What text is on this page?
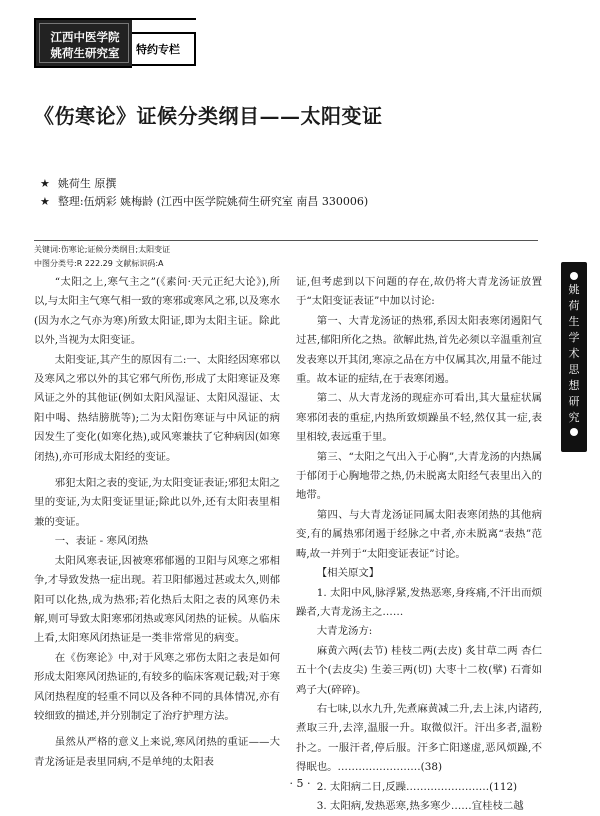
江西中医学院
姚荷生研究室	特约专栏
《伤寒论》证候分类纲目——太阳变证
★ 姚荷生 原撰
★ 整理:伍炳彩 姚梅龄 (江西中医学院姚荷生研究室 南昌 330006)
关键词:伤寒论;证候分类纲目;太阳变证
中图分类号:R 222.29 文献标识码:A

“太阳之上,寒气主之”(《素问·天元正纪大论》),所以,与太阳主气寒气相一致的寒邪或寒风之邪,以及寒水(因为水之气亦为寒)所致太阳证,即为太阳主证。除此以外,当视为太阳变证。

太阳变证,其产生的原因有二:一、太阳经因寒邪以及寒风之邪以外的其它邪气所伤,形成了太阳寒证及寒风证之外的其他证(例如太阳风湿证、太阳风湿证、太阳中喝、热结膀胱等);二为太阳伤寒证与中风证的病因发生了变化(如寒化热),或风寒兼扶了它种病因(如寒闭热),亦可形成太阳经的变证。

邪犯太阳之表的变证,为太阳变证表证;邪犯太阳之里的变证,为太阳变证里证;除此以外,还有太阳表里相兼的变证。

一、表证 - 寒风闭热

太阳风寒表证,因被寒邪郁遏的卫阳与风寒之邪相争,才导致发热一症出现。若卫阳郁遏过甚或太久,则郁阳可以化热,成为热邪;若化热后太阳之表的风寒仍未解,则可导致太阳寒邪闭热或寒风闭热的证候。从临床上看,太阳寒风闭热证是一类非常常见的病变。

在《伤寒论》中,对于风寒之邪伤太阳之表是如何形成太阳寒风闭热证的,有较多的临床客观记载;对于寒风闭热程度的轻重不同以及各种不同的具体情况,亦有较细致的描述,并分别制定了治疗护理方法。

虽然从严格的意义上来说,寒风闭热的重证——大青龙汤证是表里同病,不是单纯的太阳表

证,但考虑到以下问题的存在,故仍将大青龙汤证放置于“太阳变证表证”中加以讨论:

第一、大青龙汤证的热邪,系因太阳表寒闭遏阳气过甚,郁阳所化之热。欲解此热,首先必须以辛温重剂宣发表寒以开其闭,寒凉之品在方中仅属其次,用量不能过重。故本证的症结,在于表寒闭遏。

第二、从大青龙汤的现症亦可看出,其大量症状属寒邪闭表的重症,内热所致烦躁虽不轻,然仅其一症,表里相较,表远重于里。

第三、“太阳之气出入于心胸”,大青龙汤的内热属于郁闭于心胸地带之热,仍未脱离太阳经气表里出入的地带。

第四、与大青龙汤证同属太阳表寒闭热的其他病变,有的属热邪闭遏于经脉之中者,亦未脱离“表热”范畴,故一并列于“太阳变证表证”讨论。

【相关原文】

1. 太阳中风,脉浮紧,发热恶寒,身疼痛,不汗出而烦躁者,大青龙汤主之……

大青龙汤方:

麻黄六两(去节) 桂枝二两(去皮) 炙甘草二两 杏仁五十个(去皮尖) 生姜三两(切) 大枣十二枚(擘) 石膏如鸡子大(碎碎)。

右七味,以水九升,先煮麻黄减二升,去上沫,内诸药,煮取三升,去滓,温服一升。取微似汗。汗出多者,温粉扑之。一服汗者,停后服。汗多亡阳遂虚,恶风烦躁,不得眠也。……………………(38)

2. 太阳病二日,反躁……………………(112)

3. 太阳病,发热恶寒,热多寒少……宜桂枝二越

姚
荷
生
学
术
思
想
研
究
· 5 ·
